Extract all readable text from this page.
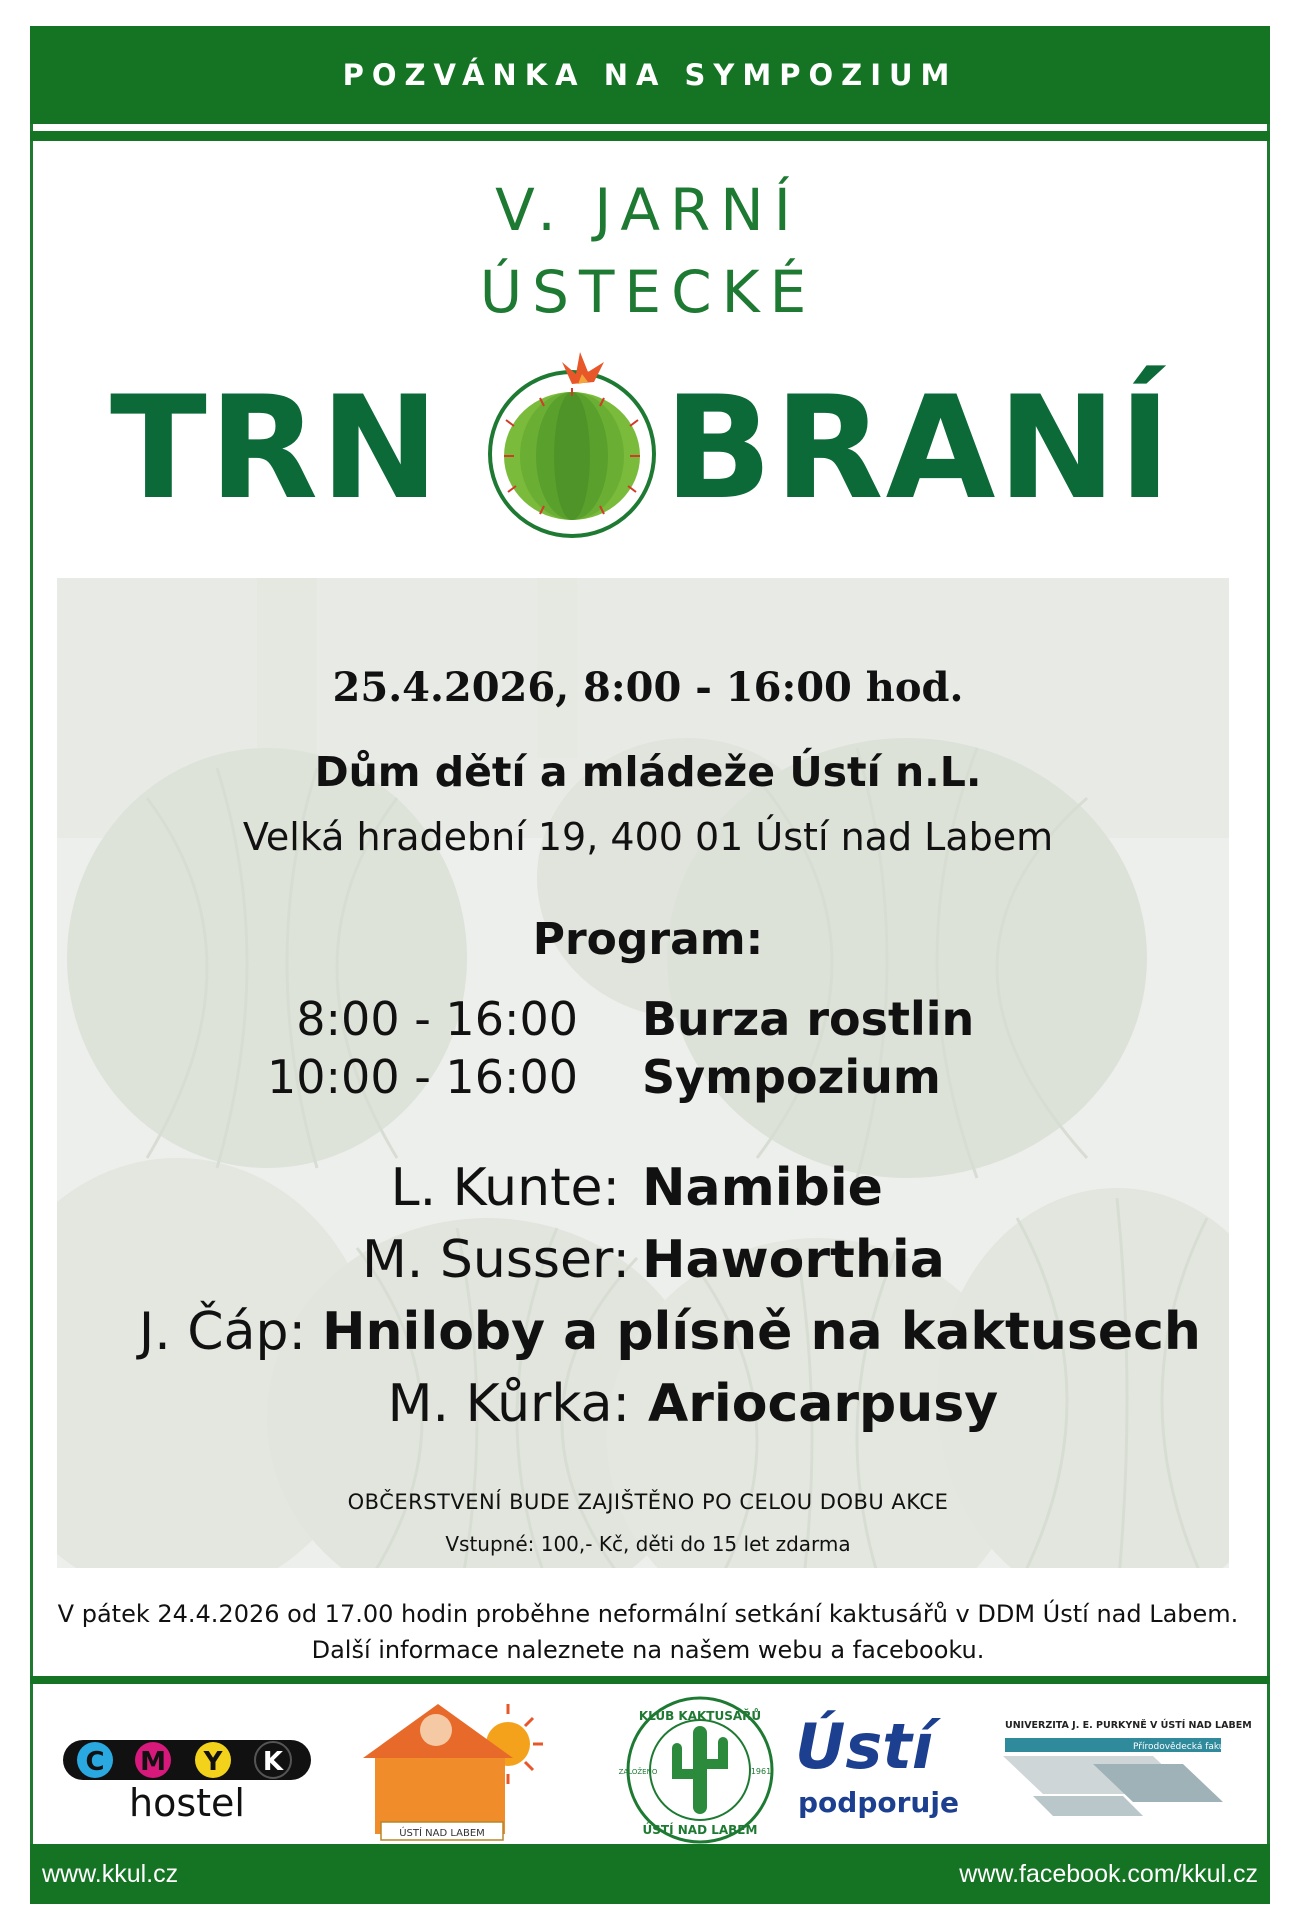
POZVÁNKA NA SYMPOZIUM
V. JARNÍ
ÚSTECKÉ
TRN BRANÍ
25.4.2026, 8:00 - 16:00 hod.
Dům dětí a mládeže Ústí n.L.
Velká hradební 19, 400 01 Ústí nad Labem
Program:
8:00 - 16:00 Burza rostlin
10:00 - 16:00 Sympozium
L. Kunte: Namibie
M. Susser: Haworthia
J. Čáp: Hniloby a plísně na kaktusech
M. Kůrka: Ariocarpusy
OBČERSTVENÍ BUDE ZAJIŠTĚNO PO CELOU DOBU AKCE
Vstupné: 100,- Kč, děti do 15 let zdarma
V pátek 24.4.2026 od 17.00 hodin proběhne neformální setkání kaktusářů v DDM Ústí nad Labem.
Další informace naleznete na našem webu a facebooku.
C M Y K
hostel
ÚSTÍ NAD LABEM
KLUB KAKTUSÁŘŮ
ÚSTÍ NAD LABEM
ZALOŽENO	1961 Ústí
podporuje
UNIVERZITA J. E. PURKYNĚ V ÚSTÍ NAD LABEM
Přírodovědecká fakulta
www.kkul.cz	www.facebook.com/kkul.cz
